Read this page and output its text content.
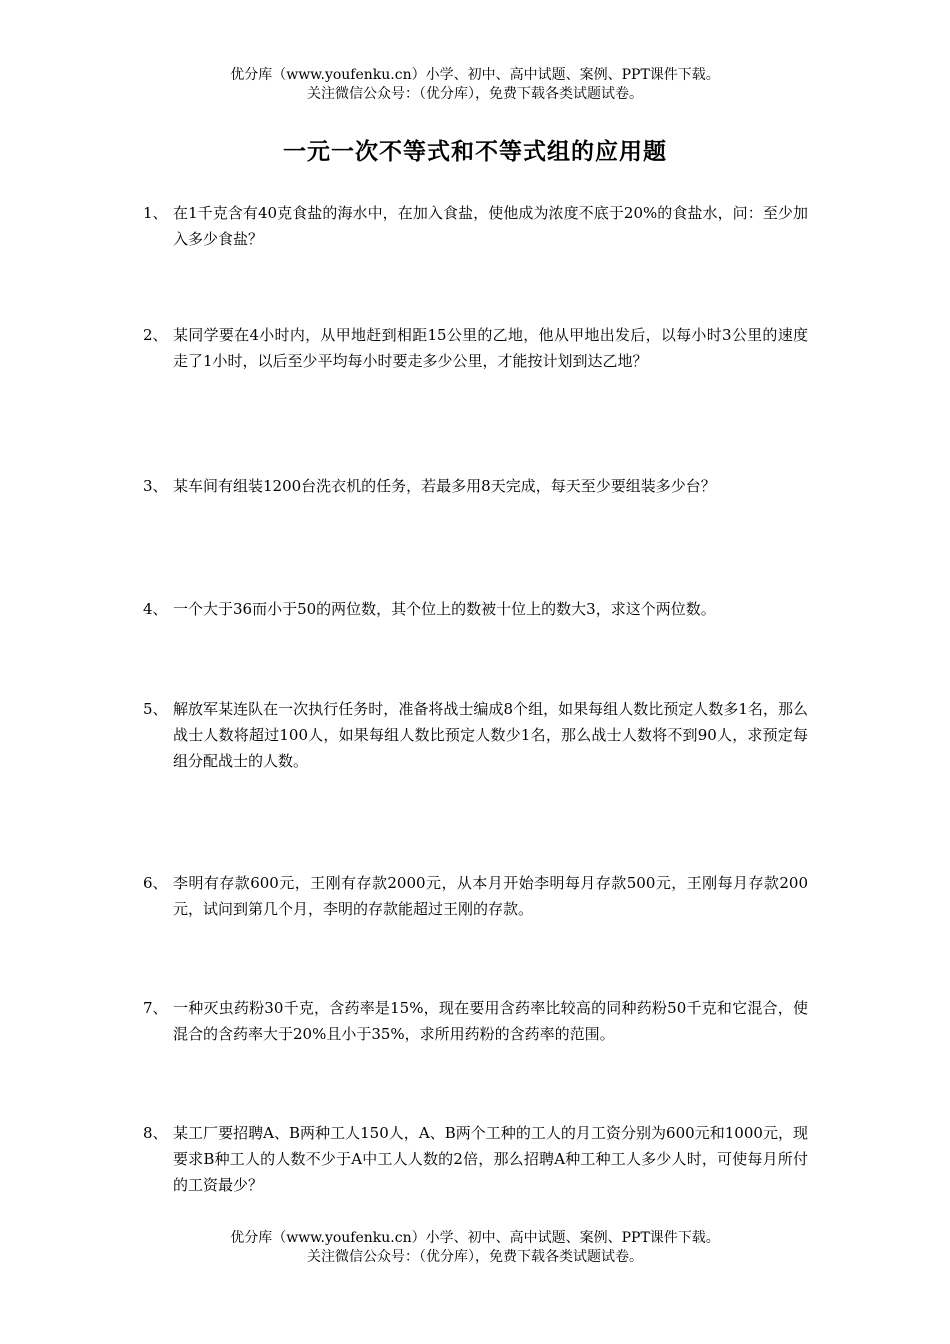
优分库（www.youfenku.cn）小学、初中、高中试题、案例、PPT课件下载。
关注微信公众号：（优分库），免费下载各类试题试卷。
一元一次不等式和不等式组的应用题
1、 在1千克含有40克食盐的海水中，在加入食盐，使他成为浓度不底于20%的食盐水，问：至少加入多少食盐？
2、 某同学要在4小时内，从甲地赶到相距15公里的乙地，他从甲地出发后，以每小时3公里的速度走了1小时，以后至少平均每小时要走多少公里，才能按计划到达乙地？
3、 某车间有组装1200台洗衣机的任务，若最多用8天完成，每天至少要组装多少台？
4、 一个大于36而小于50的两位数，其个位上的数被十位上的数大3，求这个两位数。
5、 解放军某连队在一次执行任务时，准备将战士编成8个组，如果每组人数比预定人数多1名，那么战士人数将超过100人，如果每组人数比预定人数少1名，那么战士人数将不到90人，求预定每组分配战士的人数。
6、 李明有存款600元，王刚有存款2000元，从本月开始李明每月存款500元，王刚每月存款200元，试问到第几个月，李明的存款能超过王刚的存款。
7、 一种灭虫药粉30千克，含药率是15%，现在要用含药率比较高的同种药粉50千克和它混合，使混合的含药率大于20%且小于35%，求所用药粉的含药率的范围。
8、 某工厂要招聘A、B两种工人150人，A、B两个工种的工人的月工资分别为600元和1000元，现要求B种工人的人数不少于A中工人人数的2倍，那么招聘A种工种工人多少人时，可使每月所付的工资最少？
优分库（www.youfenku.cn）小学、初中、高中试题、案例、PPT课件下载。
关注微信公众号：（优分库），免费下载各类试题试卷。
